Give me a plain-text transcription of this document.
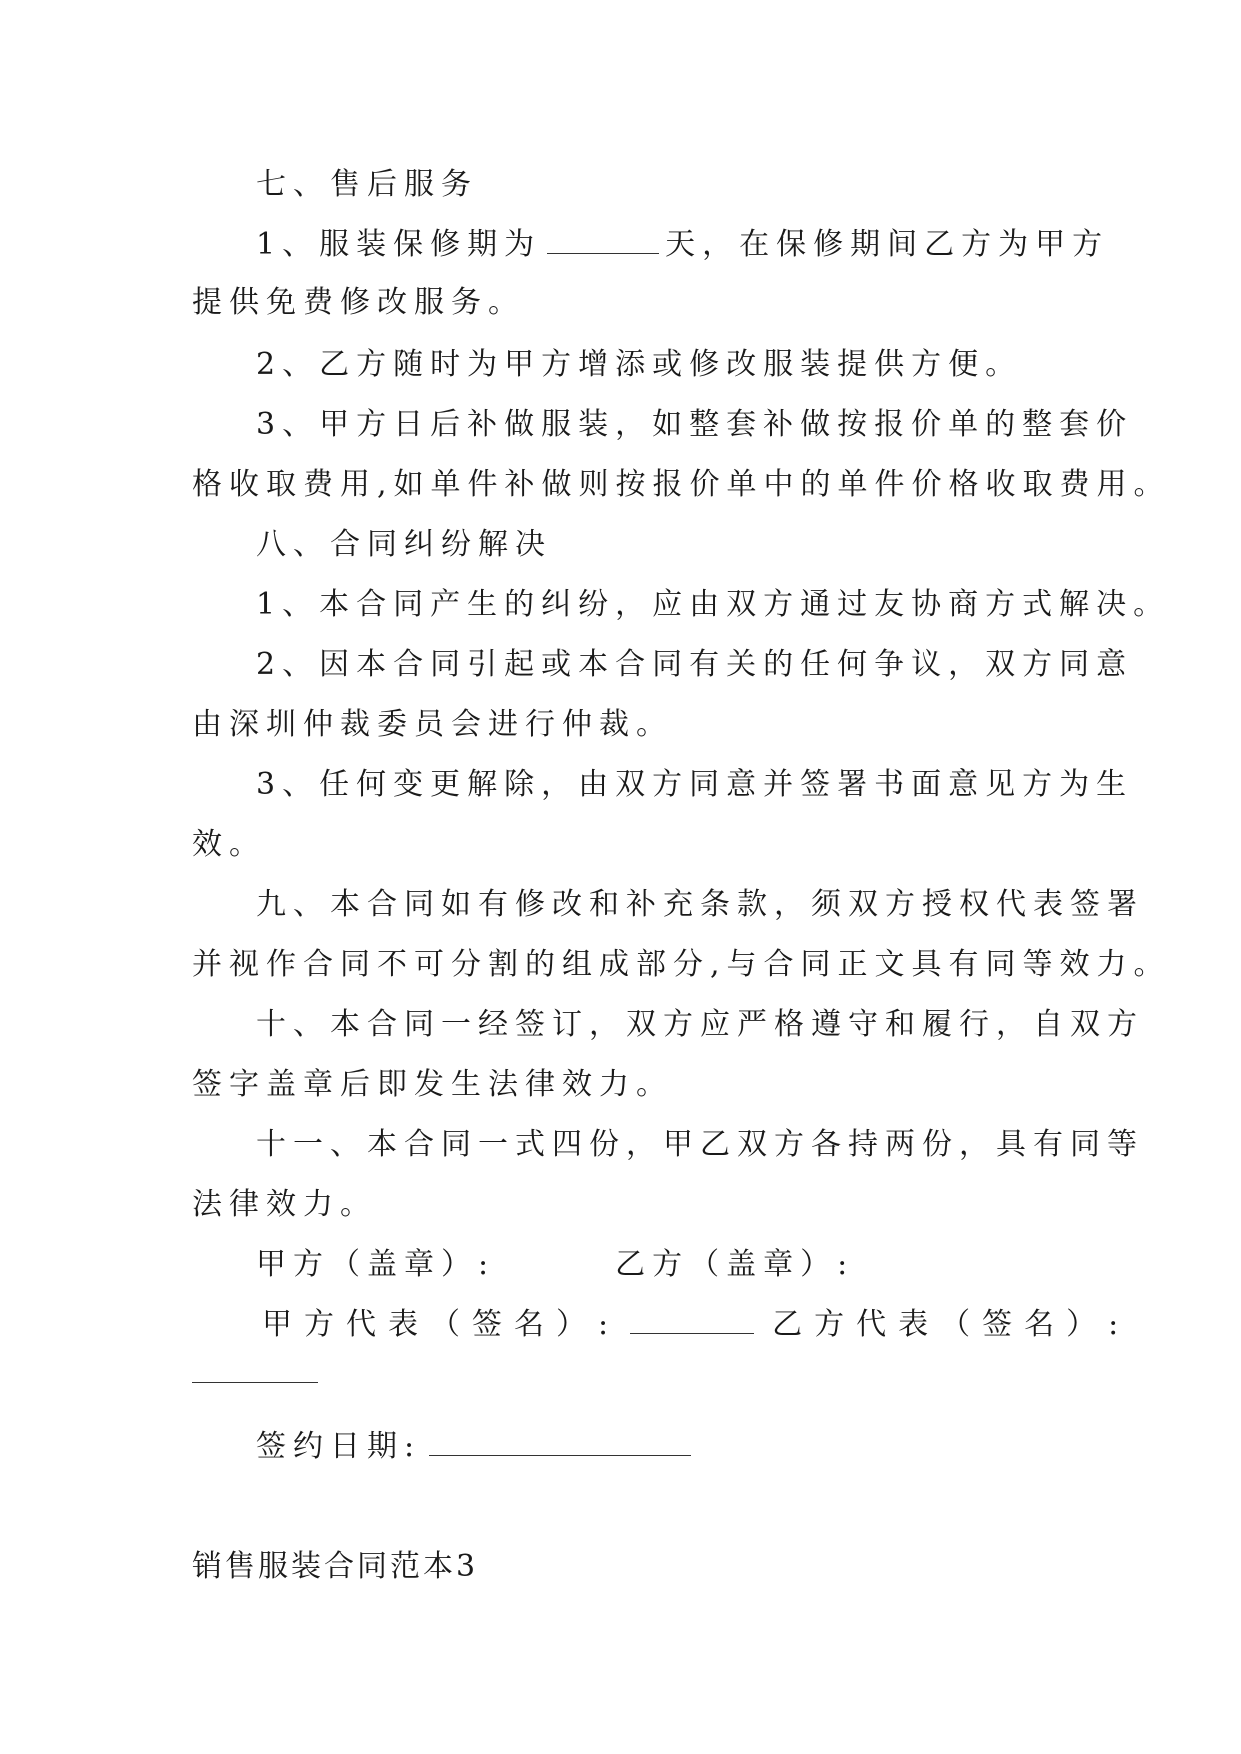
七、售后服务
1、服装保修期为	天，在保修期间乙方为甲方
提供免费修改服务。
2、乙方随时为甲方增添或修改服装提供方便。
3、甲方日后补做服装，如整套补做按报价单的整套价
格收取费用,如单件补做则按报价单中的单件价格收取费用。
八、合同纠纷解决
1、本合同产生的纠纷，应由双方通过友协商方式解决。
2、因本合同引起或本合同有关的任何争议，双方同意
由深圳仲裁委员会进行仲裁。
3、任何变更解除，由双方同意并签署书面意见方为生
效。
九、本合同如有修改和补充条款，须双方授权代表签署
并视作合同不可分割的组成部分,与合同正文具有同等效力。
十、本合同一经签订，双方应严格遵守和履行，自双方
签字盖章后即发生法律效力。
十一、本合同一式四份，甲乙双方各持两份，具有同等
法律效力。
甲方（盖章）:	乙方（盖章）:
甲方代表（签名）:	乙方代表（签名）:
签约日期:
销售服装合同范本3
